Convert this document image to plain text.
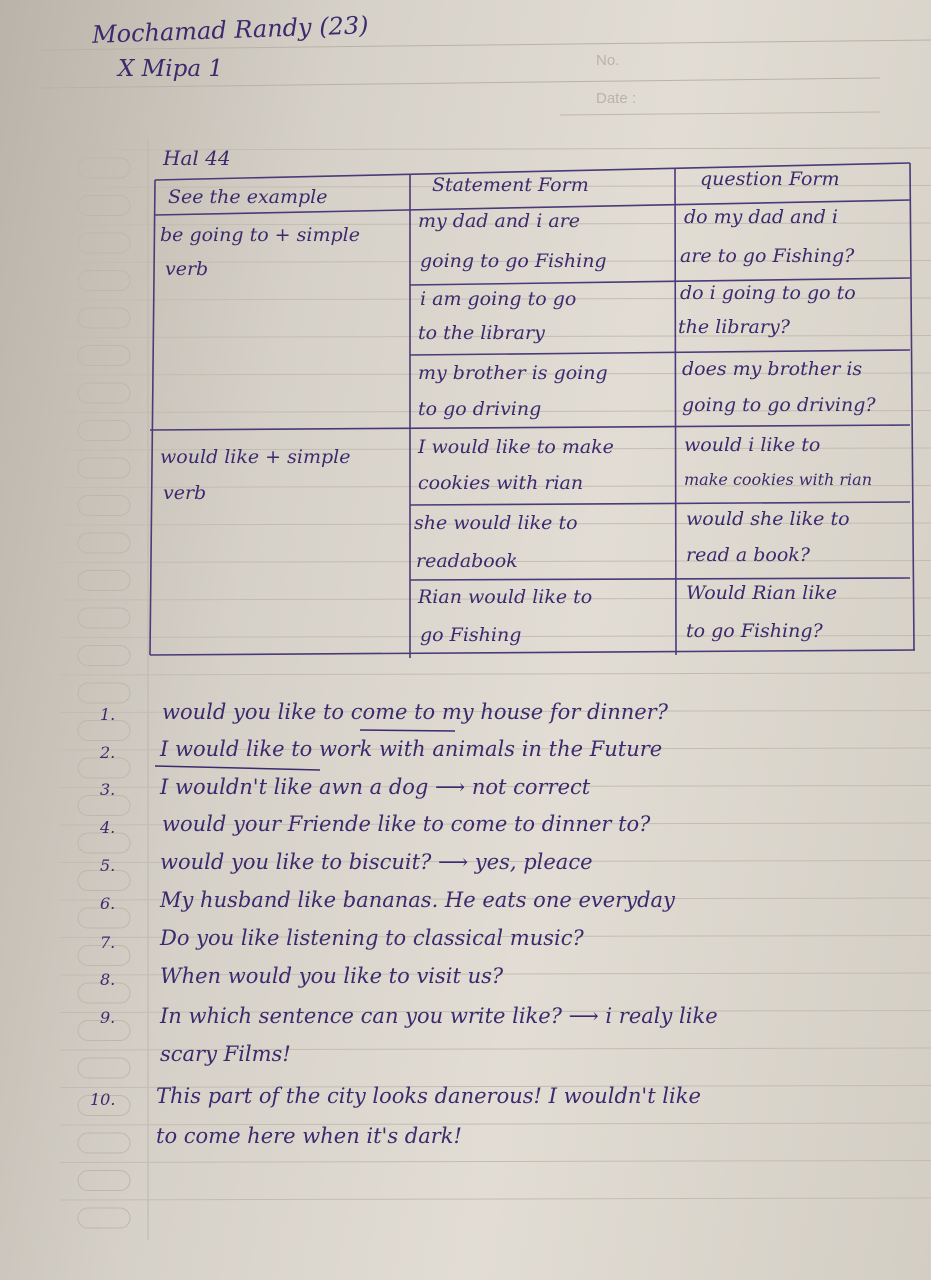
No.
Date :
Mochamad Randy (23)
X Mipa 1
Hal 44
See the example
Statement Form	question Form
be going to + simple
verb
my dad and i are
going to go Fishing
do my dad and i
are to go Fishing?
i am going to go
to the library
do i going to go to
the library?
my brother is going
to go driving
does my brother is
going to go driving?
would like + simple
verb
I would like to make
cookies with rian
would i like to
make cookies with rian
she would like to
readabook
would she like to
read a book?
Rian would like to
go Fishing
Would Rian like
to go Fishing?
1. would you like to come to my house for dinner?
2. I would like to work with animals in the Future
3. I wouldn't like awn a dog ⟶ not correct
4. would your Friende like to come to dinner to?
5. would you like to biscuit? ⟶ yes, pleace
6. My husband like bananas. He eats one everyday
7. Do you like listening to classical music?
8. When would you like to visit us?
9. In which sentence can you write like? ⟶ i realy like
scary Films!
10. This part of the city looks danerous! I wouldn't like
to come here when it's dark!
